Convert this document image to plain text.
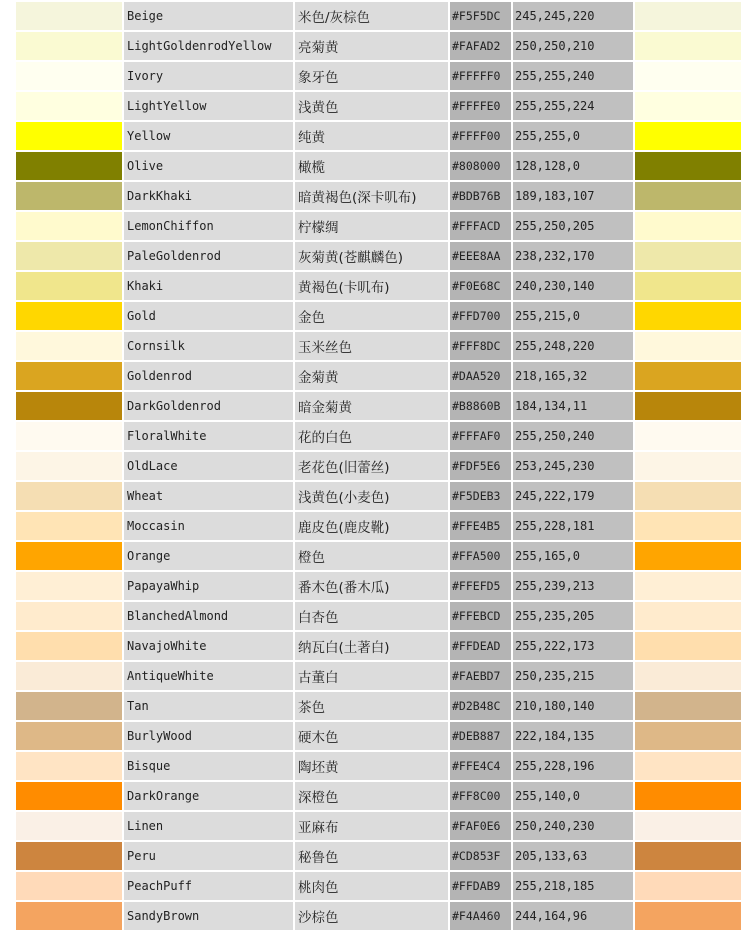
	Beige	米色/灰棕色	#F5F5DC	245,245,220	
	LightGoldenrodYellow	亮菊黄	#FAFAD2	250,250,210	
	Ivory	象牙色	#FFFFF0	255,255,240	
	LightYellow	浅黄色	#FFFFE0	255,255,224	
	Yellow	纯黄	#FFFF00	255,255,0	
	Olive	橄榄	#808000	128,128,0	
	DarkKhaki	暗黄褐色(深卡叽布)	#BDB76B	189,183,107	
	LemonChiffon	柠檬绸	#FFFACD	255,250,205	
	PaleGoldenrod	灰菊黄(苍麒麟色)	#EEE8AA	238,232,170	
	Khaki	黄褐色(卡叽布)	#F0E68C	240,230,140	
	Gold	金色	#FFD700	255,215,0	
	Cornsilk	玉米丝色	#FFF8DC	255,248,220	
	Goldenrod	金菊黄	#DAA520	218,165,32	
	DarkGoldenrod	暗金菊黄	#B8860B	184,134,11	
	FloralWhite	花的白色	#FFFAF0	255,250,240	
	OldLace	老花色(旧蕾丝)	#FDF5E6	253,245,230	
	Wheat	浅黄色(小麦色)	#F5DEB3	245,222,179	
	Moccasin	鹿皮色(鹿皮靴)	#FFE4B5	255,228,181	
	Orange	橙色	#FFA500	255,165,0	
	PapayaWhip	番木色(番木瓜)	#FFEFD5	255,239,213	
	BlanchedAlmond	白杏色	#FFEBCD	255,235,205	
	NavajoWhite	纳瓦白(土著白)	#FFDEAD	255,222,173	
	AntiqueWhite	古董白	#FAEBD7	250,235,215	
	Tan	茶色	#D2B48C	210,180,140	
	BurlyWood	硬木色	#DEB887	222,184,135	
	Bisque	陶坯黄	#FFE4C4	255,228,196	
	DarkOrange	深橙色	#FF8C00	255,140,0	
	Linen	亚麻布	#FAF0E6	250,240,230	
	Peru	秘鲁色	#CD853F	205,133,63	
	PeachPuff	桃肉色	#FFDAB9	255,218,185	
	SandyBrown	沙棕色	#F4A460	244,164,96	
